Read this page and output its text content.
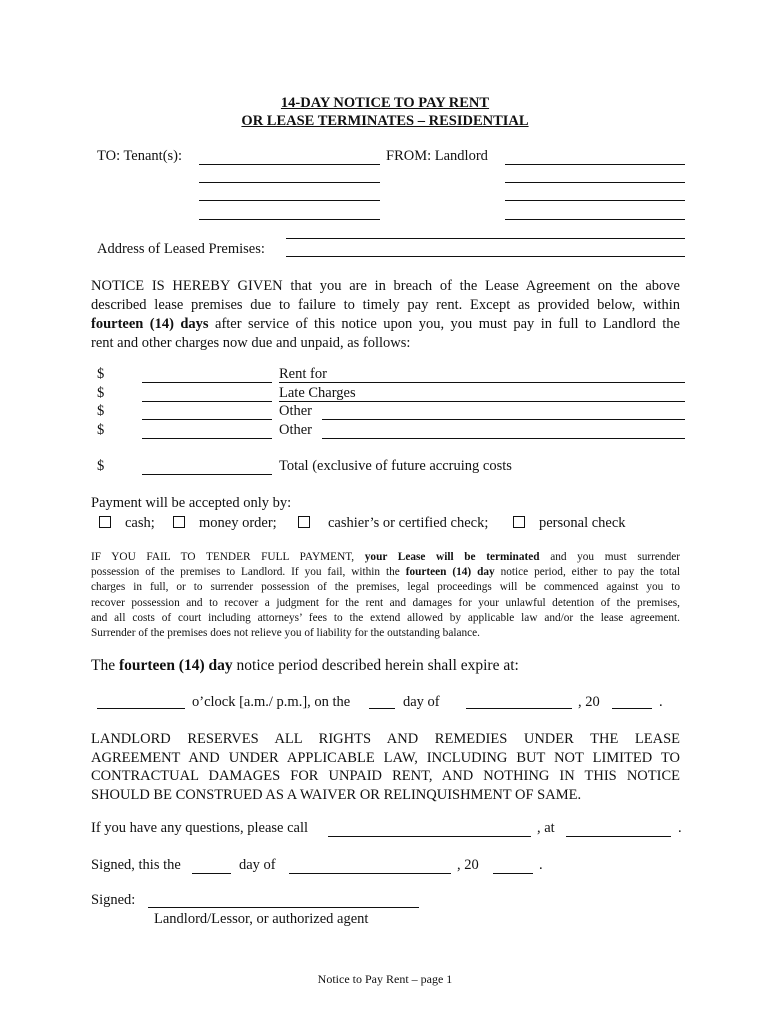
14-DAY NOTICE TO PAY RENT
OR LEASE TERMINATES – RESIDENTIAL
TO: Tenant(s):	FROM: Landlord
Address of Leased Premises:
NOTICE IS HEREBY GIVEN that you are in breach of the Lease Agreement on the above
described lease premises due to failure to timely pay rent. Except as provided below, within
fourteen (14) days after service of this notice upon you, you must pay in full to Landlord the
rent and other charges now due and unpaid, as follows:
$	Rent for
$	Late Charges
$	Other
$	Other
$	Total (exclusive of future accruing costs
Payment will be accepted only by:
cash;	money order;	cashier’s or certified check;	personal check
IF YOU FAIL TO TENDER FULL PAYMENT, your Lease will be terminated and you must surrender
possession of the premises to Landlord. If you fail, within the fourteen (14) day notice period, either to pay the total
charges in full, or to surrender possession of the premises, legal proceedings will be commenced against you to
recover possession and to recover a judgment for the rent and damages for your unlawful detention of the premises,
and all costs of court including attorneys’ fees to the extend allowed by applicable law and/or the lease agreement.
Surrender of the premises does not relieve you of liability for the outstanding balance.
The fourteen (14) day notice period described herein shall expire at:
o’clock [a.m./ p.m.], on the	day of	, 20	.
LANDLORD RESERVES ALL RIGHTS AND REMEDIES UNDER THE LEASE
AGREEMENT AND UNDER APPLICABLE LAW, INCLUDING BUT NOT LIMITED TO
CONTRACTUAL DAMAGES FOR UNPAID RENT, AND NOTHING IN THIS NOTICE
SHOULD BE CONSTRUED AS A WAIVER OR RELINQUISHMENT OF SAME.
If you have any questions, please call	, at	.
Signed, this the	day of	, 20	.
Signed:
Landlord/Lessor, or authorized agent
Notice to Pay Rent – page 1
